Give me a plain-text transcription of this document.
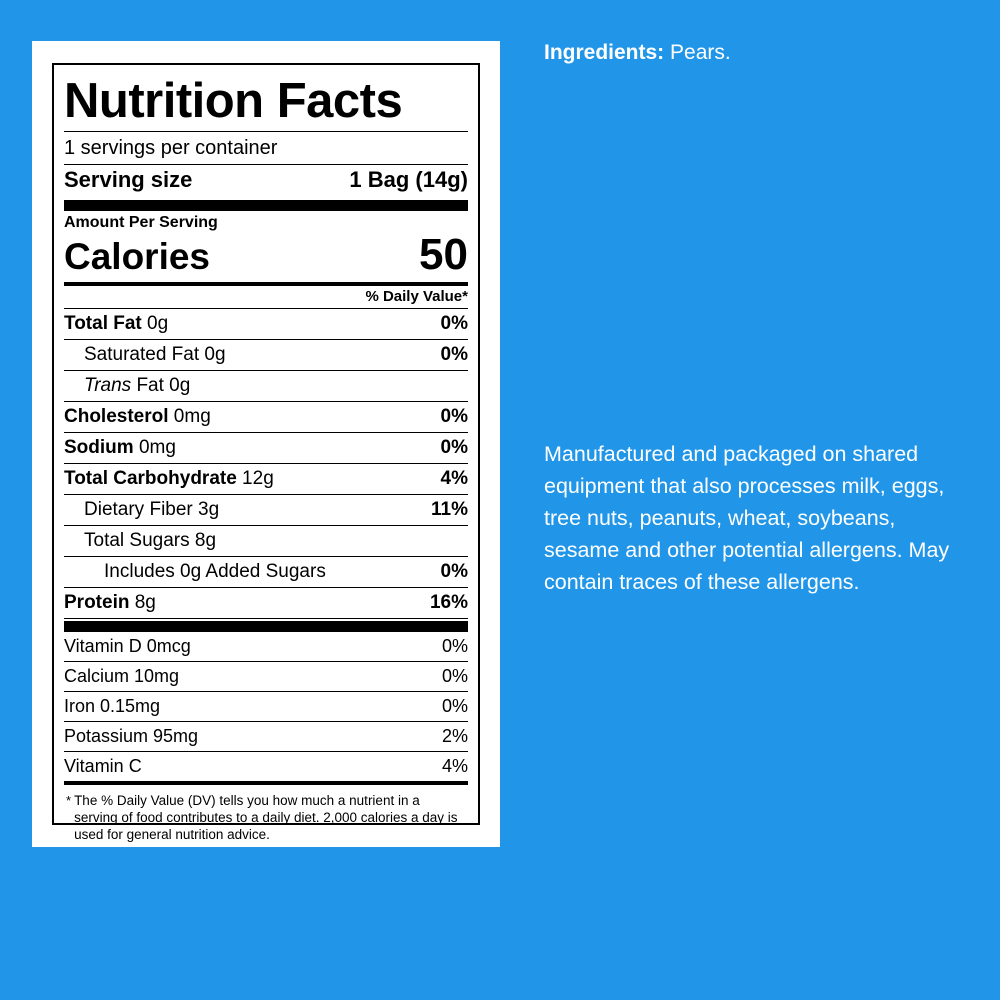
Nutrition Facts
1 servings per container
Serving size	1 Bag (14g)
Amount Per Serving
Calories	50
% Daily Value*
Total Fat 0g	0%
Saturated Fat 0g	0%
Trans Fat 0g
Cholesterol 0mg	0%
Sodium 0mg	0%
Total Carbohydrate 12g	4%
Dietary Fiber 3g	11%
Total Sugars 8g
Includes 0g Added Sugars	0%
Protein 8g	16%
Vitamin D 0mcg	0%
Calcium 10mg	0%
Iron 0.15mg	0%
Potassium 95mg	2%
Vitamin C	4%
* The % Daily Value (DV) tells you how much a nutrient in a serving of food contributes to a daily diet. 2,000 calories a day is used for general nutrition advice.
Ingredients: Pears.
Manufactured and packaged on shared equipment that also processes milk, eggs, tree nuts, peanuts, wheat, soybeans, sesame and other potential allergens. May contain traces of these allergens.
